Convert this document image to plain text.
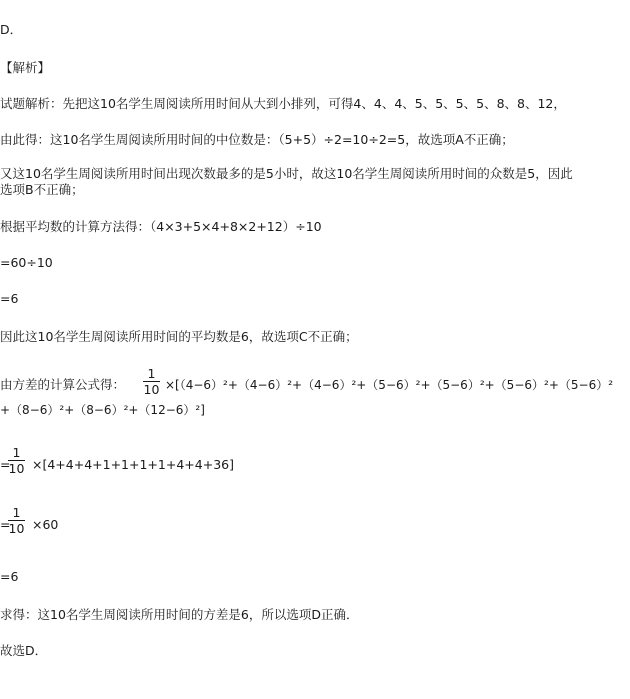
D．
【解析】
试题解析：先把这10名学生周阅读所用时间从大到小排列，可得4、4、4、5、5、5、5、8、8、12，
由此得：这10名学生周阅读所用时间的中位数是：（5+5）÷2=10÷2=5，故选项A不正确；
又这10名学生周阅读所用时间出现次数最多的是5小时，故这10名学生周阅读所用时间的众数是5，因此
选项B不正确；
根据平均数的计算方法得：（4×3+5×4+8×2+12）÷10
=60÷10
=6
因此这10名学生周阅读所用时间的平均数是6，故选项C不正确；
由方差的计算公式得：
1
10 ×[（4−6）²+（4−6）²+（4−6）²+（5−6）²+（5−6）²+（5−6）²+（5−6）²
+（8−6）²+（8−6）²+（12−6）²]
=
1
10 ×[4+4+4+1+1+1+1+4+4+36]
=
1
10 ×60
=6
求得：这10名学生周阅读所用时间的方差是6，所以选项D正确．
故选D．
